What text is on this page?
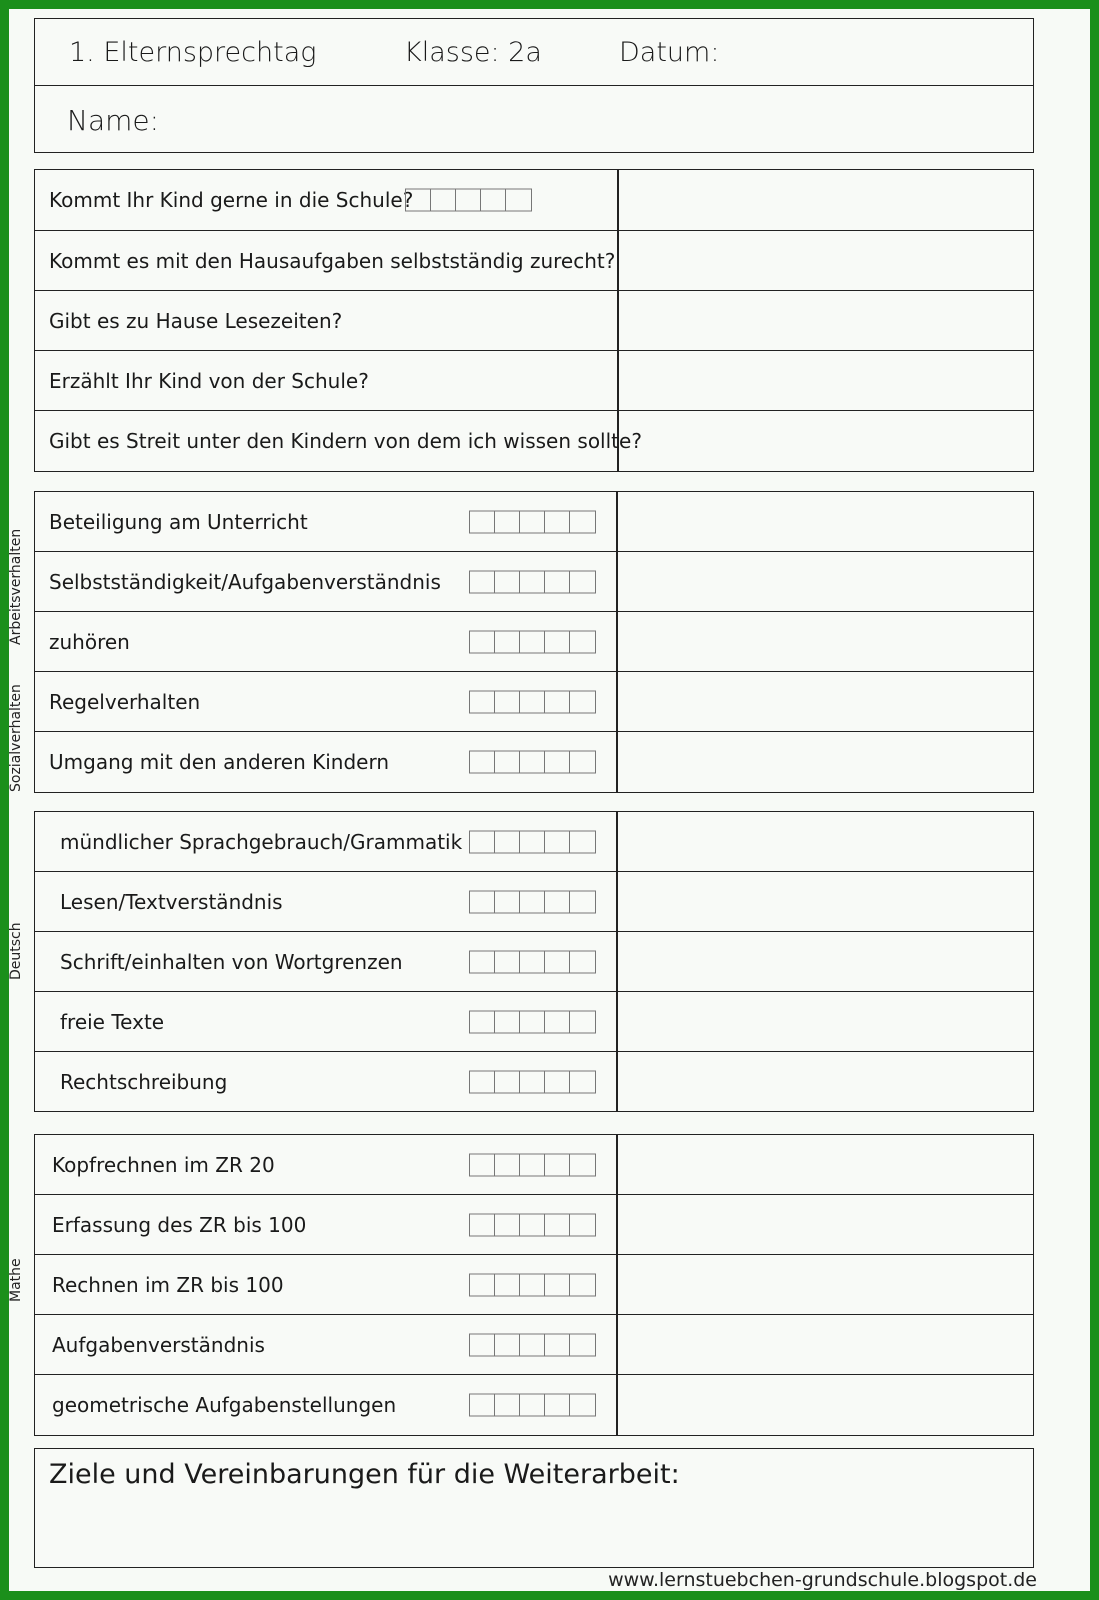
1. Elternsprechtag	Klasse: 2a	Datum:
Name:
Kommt Ihr Kind gerne in die Schule?
Kommt es mit den Hausaufgaben selbstständig zurecht?
Gibt es zu Hause Lesezeiten?
Erzählt Ihr Kind von der Schule?
Gibt es Streit unter den Kindern von dem ich wissen sollte?
Arbeitsverhalten
Sozialverhalten
Deutsch
Mathe
Beteiligung am Unterricht
Selbstständigkeit/Aufgabenverständnis
zuhören
Regelverhalten
Umgang mit den anderen Kindern
mündlicher Sprachgebrauch/Grammatik
Lesen/Textverständnis
Schrift/einhalten von Wortgrenzen
freie Texte
Rechtschreibung
Kopfrechnen im ZR 20
Erfassung des ZR bis 100
Rechnen im ZR bis 100
Aufgabenverständnis
geometrische Aufgabenstellungen
Ziele und Vereinbarungen für die Weiterarbeit:
www.lernstuebchen-grundschule.blogspot.de
